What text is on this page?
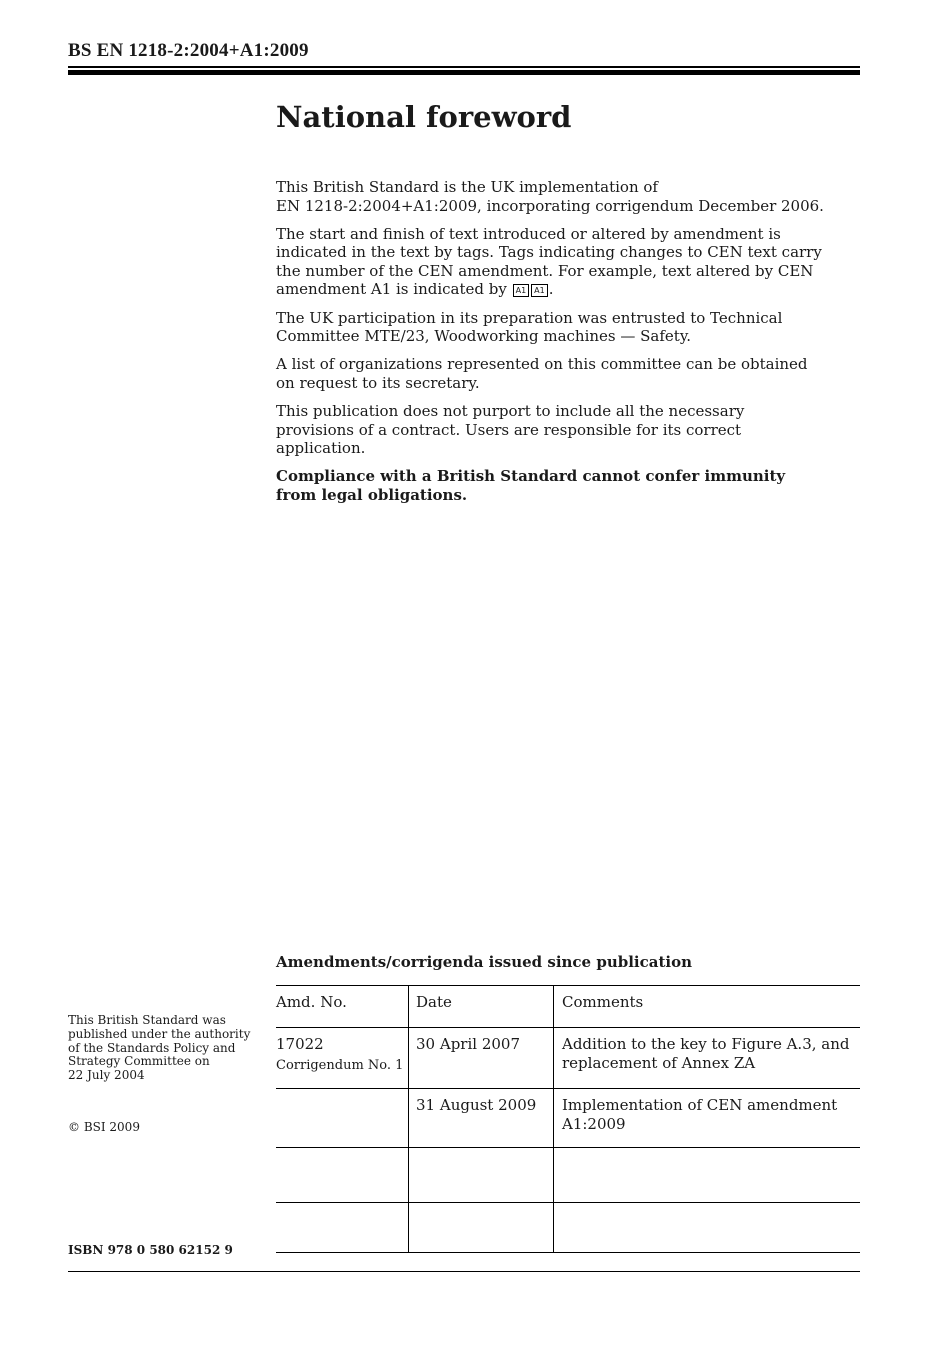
BS EN 1218-2:2004+A1:2009
National foreword

This British Standard is the UK implementation of
EN 1218-2:2004+A1:2009, incorporating corrigendum December 2006.

The start and finish of text introduced or altered by amendment is indicated in the text by tags. Tags indicating changes to CEN text carry the number of the CEN amendment. For example, text altered by CEN amendment A1 is indicated by A1 A1 .

The UK participation in its preparation was entrusted to Technical Committee MTE/23, Woodworking machines — Safety.

A list of organizations represented on this committee can be obtained on request to its secretary.

This publication does not purport to include all the necessary provisions of a contract. Users are responsible for its correct application.

Compliance with a British Standard cannot confer immunity from legal obligations.

Amendments/corrigenda issued since publication
Amd. No.	Date	Comments
17022
Corrigendum No. 1	30 April 2007	Addition to the key to Figure A.3, and replacement of Annex ZA
	31 August 2009	Implementation of CEN amendment A1:2009

This British Standard was
published under the authority
of the Standards Policy and
Strategy Committee on
22 July 2004
© BSI 2009
ISBN 978 0 580 62152 9
